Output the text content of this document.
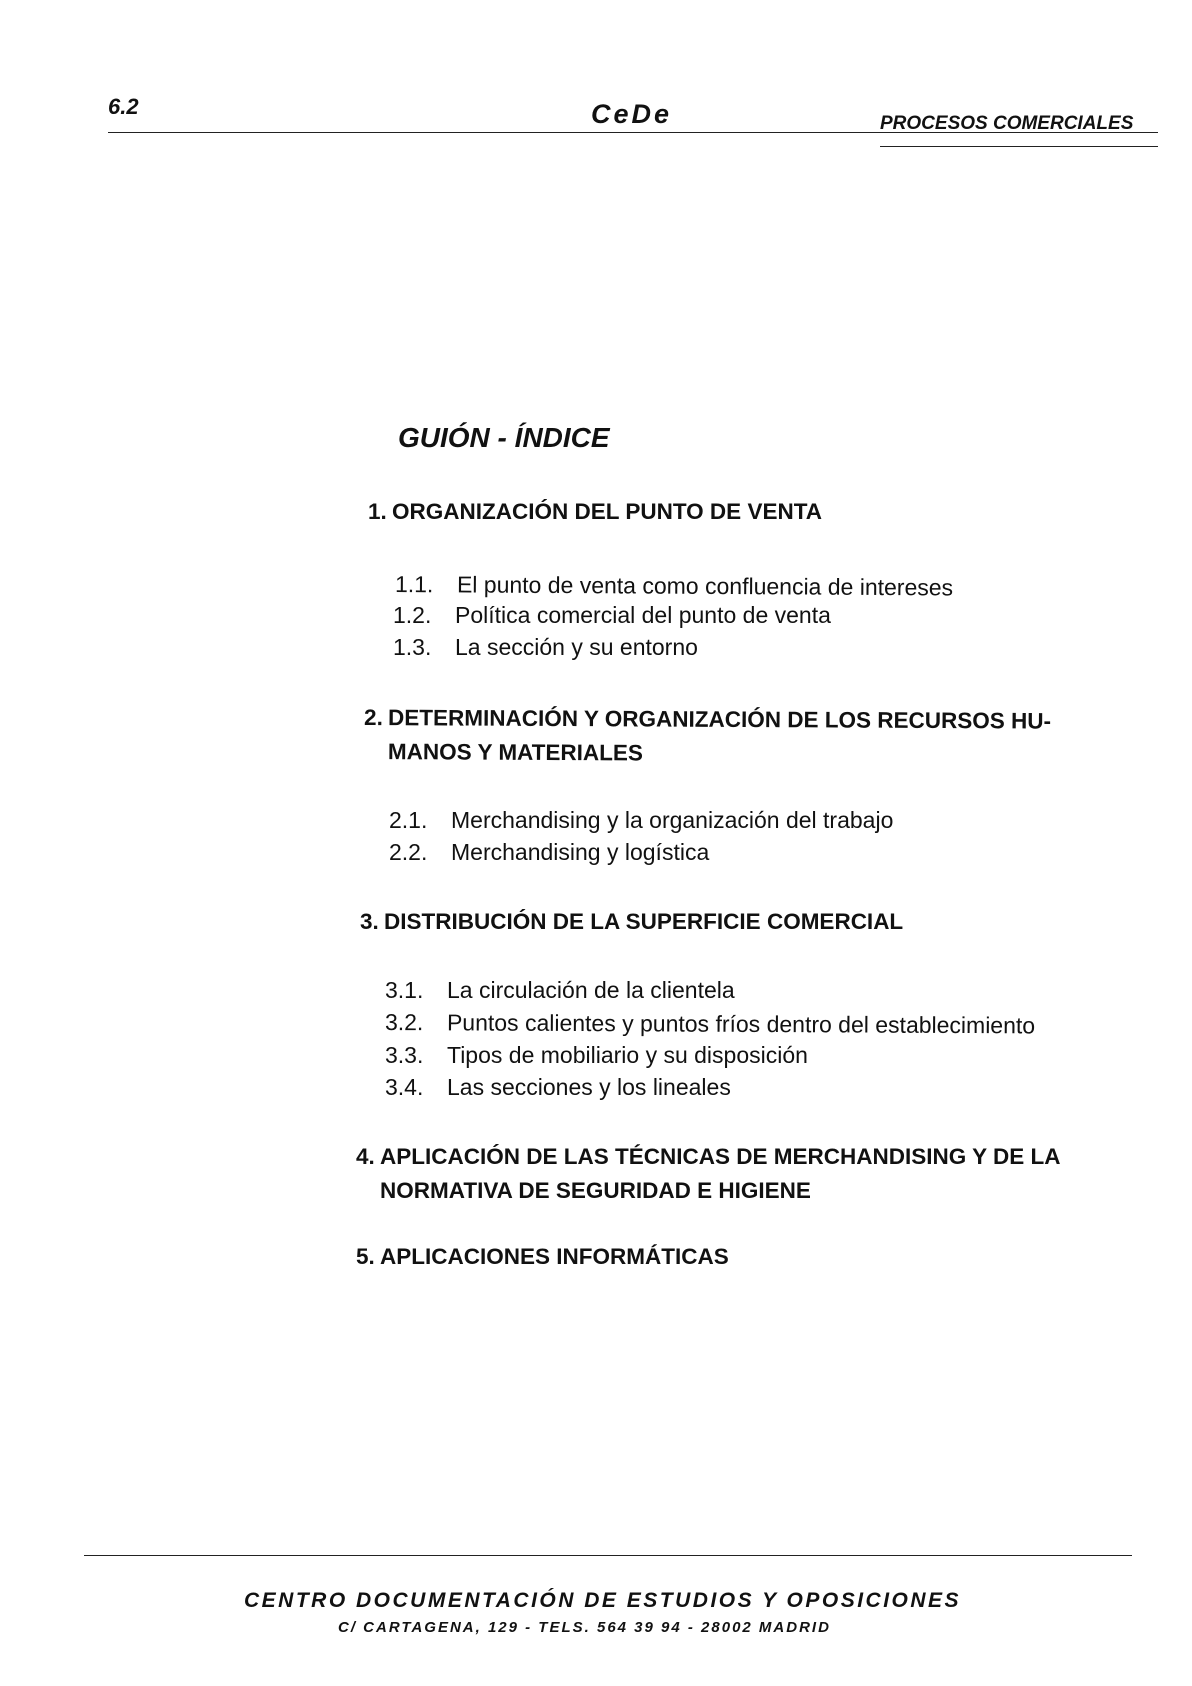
6.2	CeDe	PROCESOS COMERCIALES
GUIÓN - ÍNDICE
1. ORGANIZACIÓN DEL PUNTO DE VENTA
1.1. El punto de venta como confluencia de intereses
1.2. Política comercial del punto de venta
1.3. La sección y su entorno
2. DETERMINACIÓN Y ORGANIZACIÓN DE LOS RECURSOS HU-
MANOS Y MATERIALES
2.1. Merchandising y la organización del trabajo
2.2. Merchandising y logística
3. DISTRIBUCIÓN DE LA SUPERFICIE COMERCIAL
3.1. La circulación de la clientela
3.2. Puntos calientes y puntos fríos dentro del establecimiento
3.3. Tipos de mobiliario y su disposición
3.4. Las secciones y los lineales
4. APLICACIÓN DE LAS TÉCNICAS DE MERCHANDISING Y DE LA
NORMATIVA DE SEGURIDAD E HIGIENE
5. APLICACIONES INFORMÁTICAS
CENTRO DOCUMENTACIÓN DE ESTUDIOS Y OPOSICIONES
C/ CARTAGENA, 129 - TELS. 564 39 94 - 28002 MADRID
